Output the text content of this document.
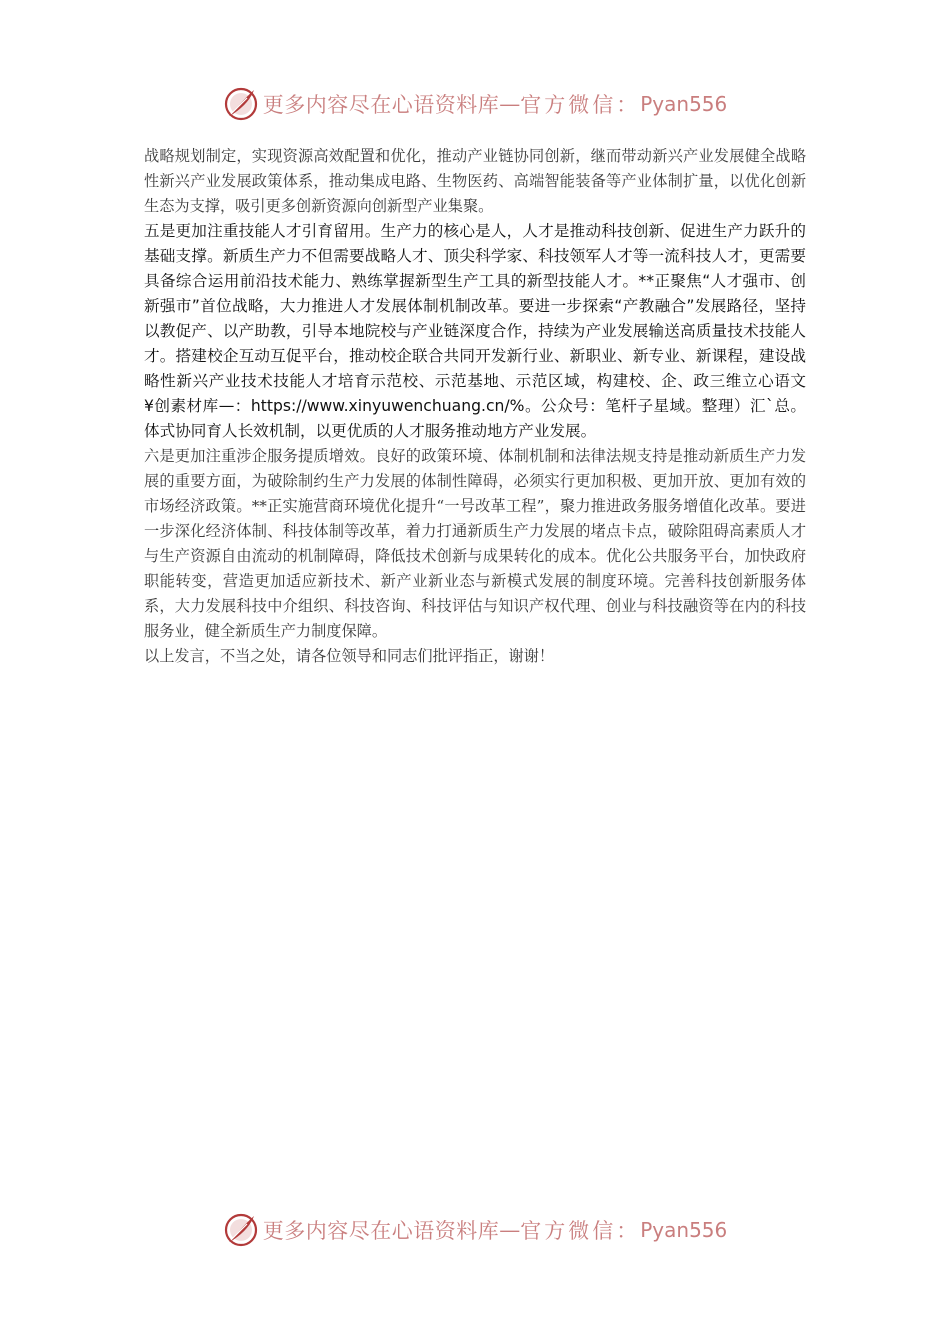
更多内容尽在心语资料库 — 官方微信： Pyan556

战略规划制定，实现资源高效配置和优化，推动产业链协同创新，继而带动新兴产业发展健全战略性新兴产业发展政策体系，推动集成电路、生物医药、高端智能装备等产业体制扩量，以优化创新生态为支撑，吸引更多创新资源向创新型产业集聚。

五是更加注重技能人才引育留用。生产力的核心是人，人才是推动科技创新、促进生产力跃升的基础支撑。新质生产力不但需要战略人才、顶尖科学家、科技领军人才等一流科技人才，更需要具备综合运用前沿技术能力、熟练掌握新型生产工具的新型技能人才。**正聚焦“人才强市、创新强市”首位战略，大力推进人才发展体制机制改革。要进一步探索“产教融合”发展路径，坚持以教促产、以产助教，引导本地院校与产业链深度合作，持续为产业发展输送高质量技术技能人才。搭建校企互动互促平台，推动校企联合共同开发新行业、新职业、新专业、新课程，建设战略性新兴产业技术技能人才培育示范校、示范基地、示范区域，构建校、企、政三维立心语文¥创素材库—：https://www.xinyuwenchuang.cn/%。公众号：笔杆子星域。整理）汇`总。体式协同育人长效机制，以更优质的人才服务推动地方产业发展。

六是更加注重涉企服务提质增效。良好的政策环境、体制机制和法律法规支持是推动新质生产力发展的重要方面，为破除制约生产力发展的体制性障碍，必须实行更加积极、更加开放、更加有效的市场经济政策。**正实施营商环境优化提升“一号改革工程”，聚力推进政务服务增值化改革。要进一步深化经济体制、科技体制等改革，着力打通新质生产力发展的堵点卡点，破除阻碍高素质人才与生产资源自由流动的机制障碍，降低技术创新与成果转化的成本。优化公共服务平台，加快政府职能转变，营造更加适应新技术、新产业新业态与新模式发展的制度环境。完善科技创新服务体系，大力发展科技中介组织、科技咨询、科技评估与知识产权代理、创业与科技融资等在内的科技服务业，健全新质生产力制度保障。

以上发言，不当之处，请各位领导和同志们批评指正，谢谢！

更多内容尽在心语资料库 — 官方微信： Pyan556
